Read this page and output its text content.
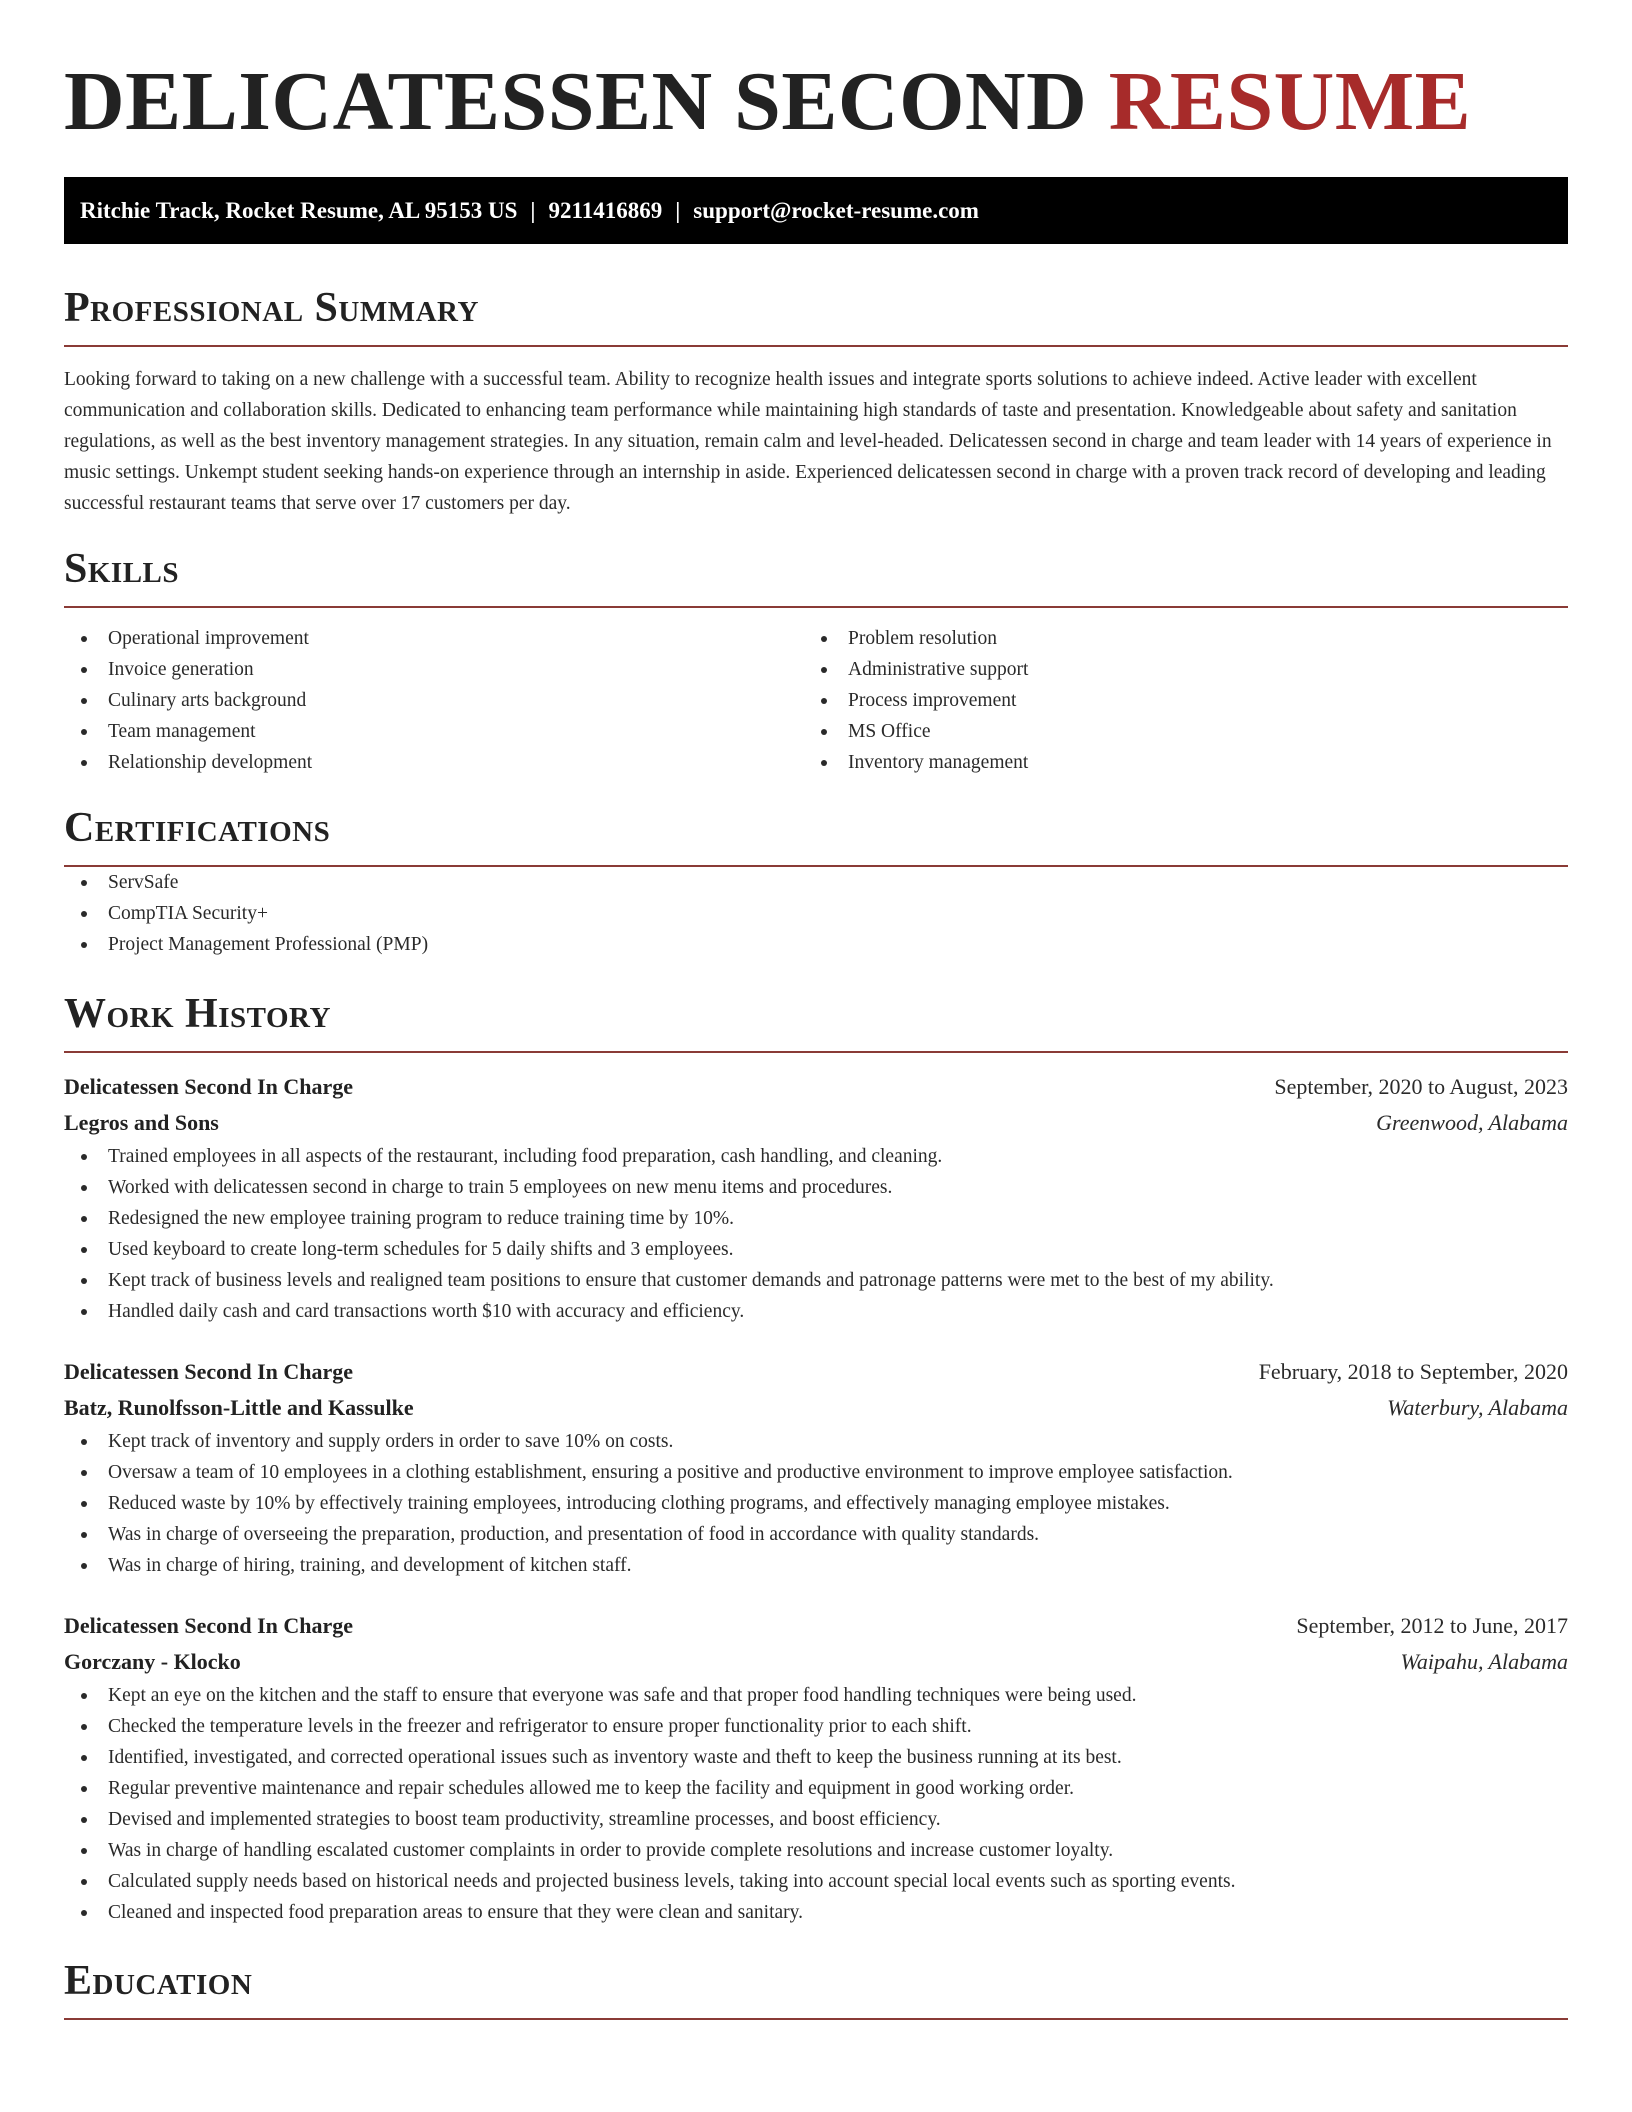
DELICATESSEN SECOND RESUME
Ritchie Track, Rocket Resume, AL 95153 US | 9211416869 | support@rocket-resume.com
Professional Summary

Looking forward to taking on a new challenge with a successful team. Ability to recognize health issues and integrate sports solutions to achieve indeed. Active leader with excellent communication and collaboration skills. Dedicated to enhancing team performance while maintaining high standards of taste and presentation. Knowledgeable about safety and sanitation regulations, as well as the best inventory management strategies. In any situation, remain calm and level-headed. Delicatessen second in charge and team leader with 14 years of experience in music settings. Unkempt student seeking hands-on experience through an internship in aside. Experienced delicatessen second in charge with a proven track record of developing and leading successful restaurant teams that serve over 17 customers per day.

Skills
Operational improvement
Invoice generation
Culinary arts background
Team management
Relationship development
Problem resolution
Administrative support
Process improvement
MS Office
Inventory management
Certifications
ServSafe
CompTIA Security+
Project Management Professional (PMP)
Work History
Delicatessen Second In Charge	September, 2020 to August, 2023
Legros and Sons	Greenwood, Alabama
Trained employees in all aspects of the restaurant, including food preparation, cash handling, and cleaning.
Worked with delicatessen second in charge to train 5 employees on new menu items and procedures.
Redesigned the new employee training program to reduce training time by 10%.
Used keyboard to create long-term schedules for 5 daily shifts and 3 employees.
Kept track of business levels and realigned team positions to ensure that customer demands and patronage patterns were met to the best of my ability.
Handled daily cash and card transactions worth $10 with accuracy and efficiency.
Delicatessen Second In Charge	February, 2018 to September, 2020
Batz, Runolfsson-Little and Kassulke	Waterbury, Alabama
Kept track of inventory and supply orders in order to save 10% on costs.
Oversaw a team of 10 employees in a clothing establishment, ensuring a positive and productive environment to improve employee satisfaction.
Reduced waste by 10% by effectively training employees, introducing clothing programs, and effectively managing employee mistakes.
Was in charge of overseeing the preparation, production, and presentation of food in accordance with quality standards.
Was in charge of hiring, training, and development of kitchen staff.
Delicatessen Second In Charge	September, 2012 to June, 2017
Gorczany - Klocko	Waipahu, Alabama
Kept an eye on the kitchen and the staff to ensure that everyone was safe and that proper food handling techniques were being used.
Checked the temperature levels in the freezer and refrigerator to ensure proper functionality prior to each shift.
Identified, investigated, and corrected operational issues such as inventory waste and theft to keep the business running at its best.
Regular preventive maintenance and repair schedules allowed me to keep the facility and equipment in good working order.
Devised and implemented strategies to boost team productivity, streamline processes, and boost efficiency.
Was in charge of handling escalated customer complaints in order to provide complete resolutions and increase customer loyalty.
Calculated supply needs based on historical needs and projected business levels, taking into account special local events such as sporting events.
Cleaned and inspected food preparation areas to ensure that they were clean and sanitary.
Education
